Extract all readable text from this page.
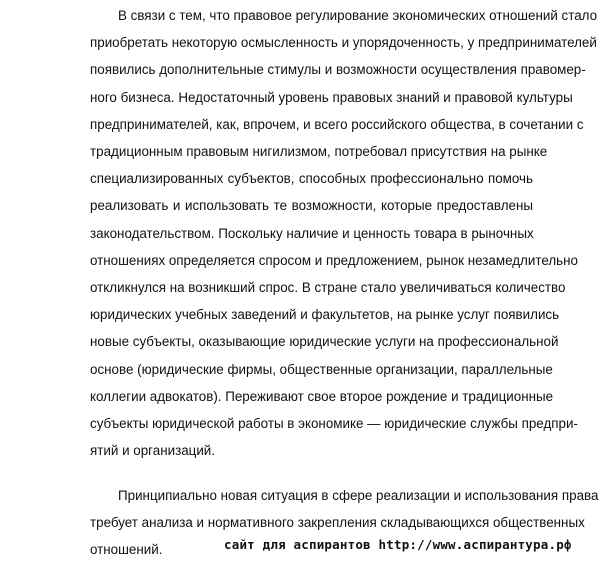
В связи с тем, что правовое регулирование экономических отношений стало
приобретать некоторую осмысленность и упорядоченность, у предпринимателей
появились дополнительные стимулы и возможности осуществления правомер-
ного бизнеса. Недостаточный уровень правовых знаний и правовой культуры
предпринимателей, как, впрочем, и всего российского общества, в сочетании с
традиционным правовым нигилизмом, потребовал присутствия на рынке
специализированных субъектов, способных профессионально помочь
реализовать и использовать те возможности, которые предоставлены
законодательством. Поскольку наличие и ценность товара в рыночных
отношениях определяется спросом и предложением, рынок незамедлительно
откликнулся на возникший спрос. В стране стало увеличиваться количество
юридических учебных заведений и факультетов, на рынке услуг появились
новые субъекты, оказывающие юридические услуги на профессиональной
основе (юридические фирмы, общественные организации, параллельные
коллегии адвокатов). Переживают свое второе рождение и традиционные
субъекты юридической работы в экономике — юридические службы предпри-
ятий и организаций.
Принципиально новая ситуация в сфере реализации и использования права
требует анализа и нормативного закрепления складывающихся общественных
отношений.	сайт для аспирантов http://www.аспирантура.рф
